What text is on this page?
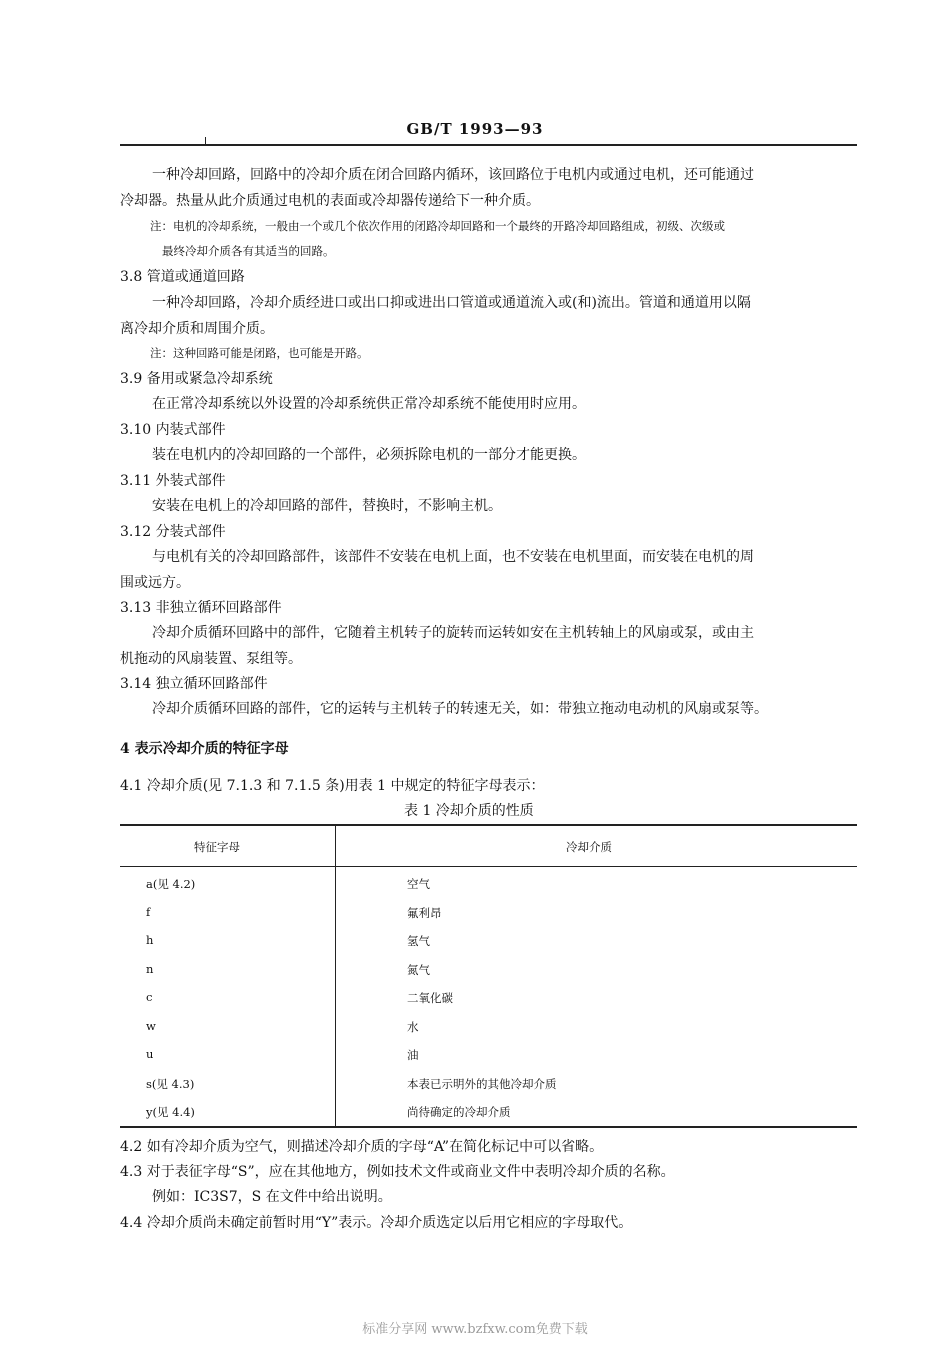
GB/T 1993—93
一种冷却回路，回路中的冷却介质在闭合回路内循环，该回路位于电机内或通过电机，还可能通过
冷却器。热量从此介质通过电机的表面或冷却器传递给下一种介质。
注：电机的冷却系统，一般由一个或几个依次作用的闭路冷却回路和一个最终的开路冷却回路组成，初级、次级或
最终冷却介质各有其适当的回路。
3.8 管道或通道回路
一种冷却回路，冷却介质经进口或出口抑或进出口管道或通道流入或(和)流出。管道和通道用以隔
离冷却介质和周围介质。
注：这种回路可能是闭路，也可能是开路。
3.9 备用或紧急冷却系统
在正常冷却系统以外设置的冷却系统供正常冷却系统不能使用时应用。
3.10 内装式部件
装在电机内的冷却回路的一个部件，必须拆除电机的一部分才能更换。
3.11 外装式部件
安装在电机上的冷却回路的部件，替换时，不影响主机。
3.12 分装式部件
与电机有关的冷却回路部件，该部件不安装在电机上面，也不安装在电机里面，而安装在电机的周
围或远方。
3.13 非独立循环回路部件
冷却介质循环回路中的部件，它随着主机转子的旋转而运转如安在主机转轴上的风扇或泵，或由主
机拖动的风扇装置、泵组等。
3.14 独立循环回路部件
冷却介质循环回路的部件，它的运转与主机转子的转速无关，如：带独立拖动电动机的风扇或泵等。
4 表示冷却介质的特征字母
4.1 冷却介质(见 7.1.3 和 7.1.5 条)用表 1 中规定的特征字母表示：
表 1 冷却介质的性质
特征字母	冷却介质
a(见 4.2)	空气
f	氟利昂
h	氢气
n	氮气
c	二氧化碳
w	水
u	油
s(见 4.3)	本表已示明外的其他冷却介质
y(见 4.4)	尚待确定的冷却介质
4.2 如有冷却介质为空气，则描述冷却介质的字母“A”在简化标记中可以省略。
4.3 对于表征字母“S”，应在其他地方，例如技术文件或商业文件中表明冷却介质的名称。
例如：IC3S7，S 在文件中给出说明。
4.4 冷却介质尚未确定前暂时用“Y”表示。冷却介质选定以后用它相应的字母取代。
标准分享网 www.bzfxw.com免费下载
